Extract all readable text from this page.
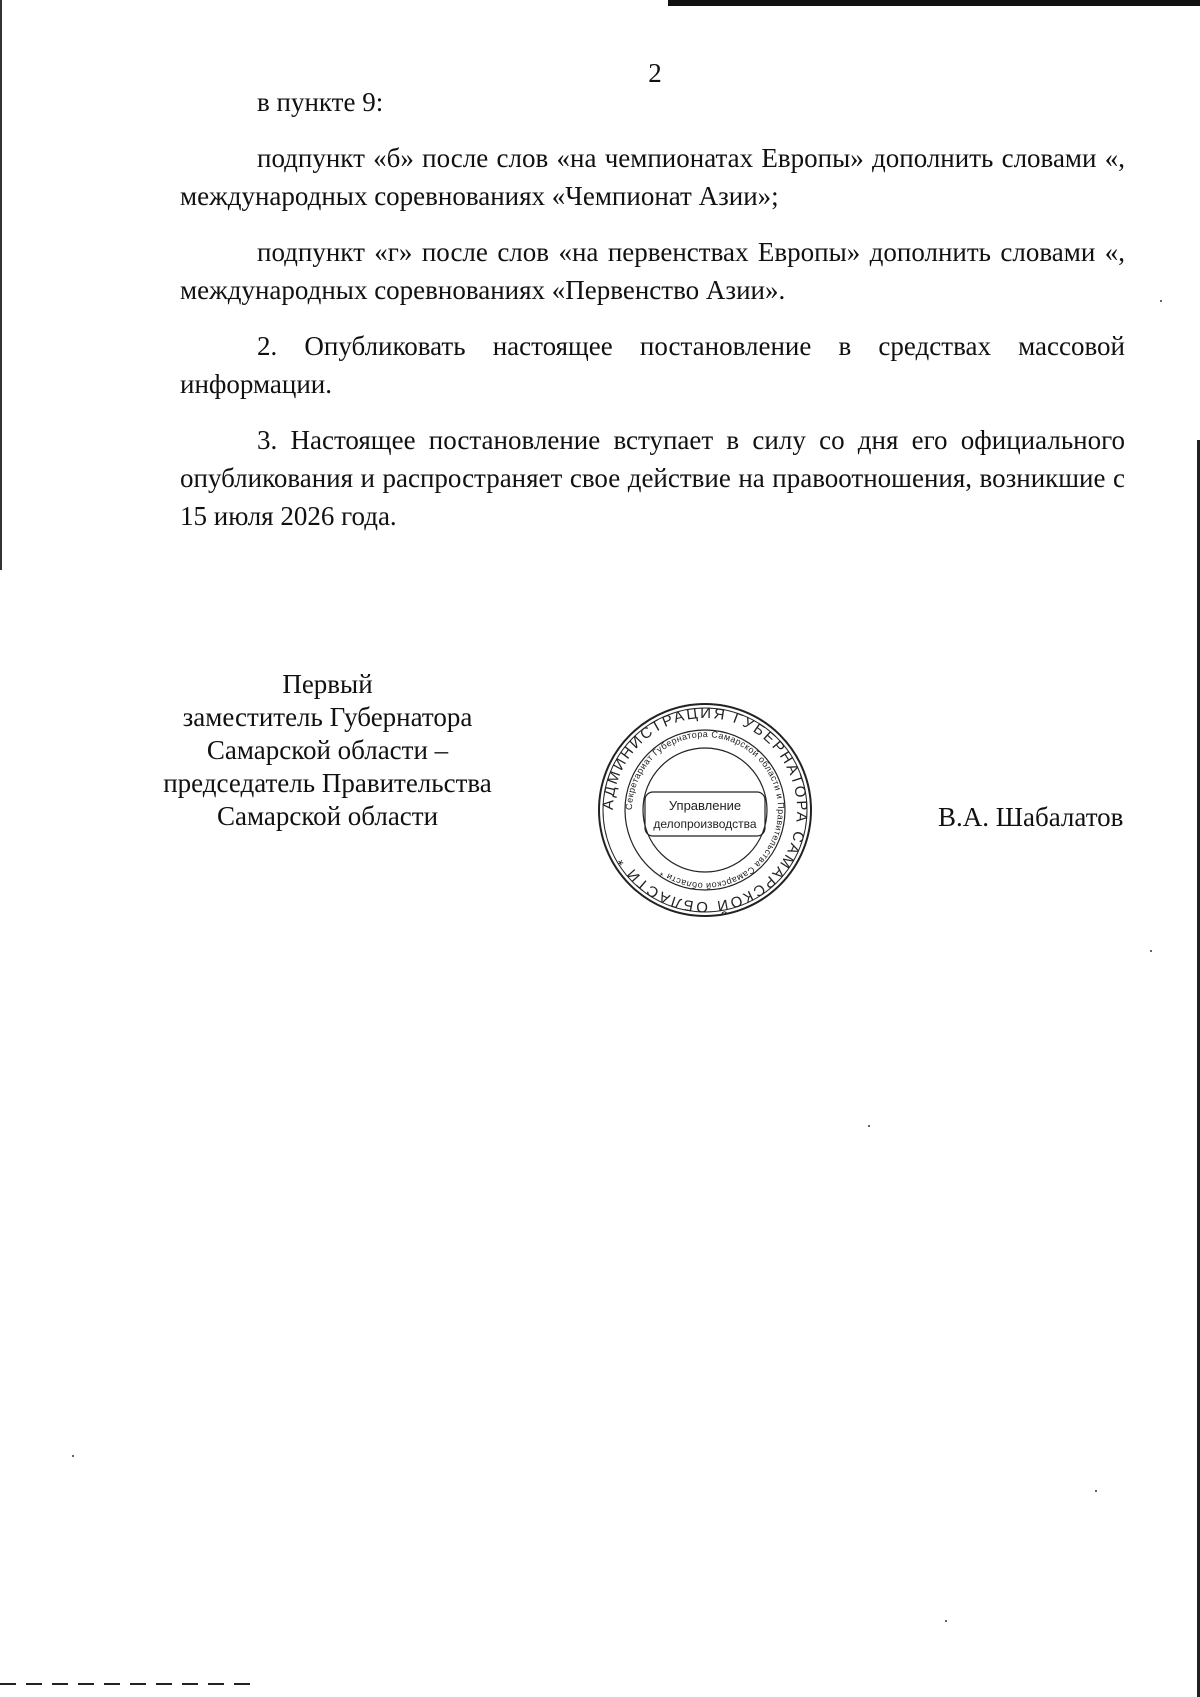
2

в пункте 9:

подпункт «б» после слов «на чемпионатах Европы» дополнить словами «, международных соревнованиях «Чемпионат Азии»;

подпункт «г» после слов «на первенствах Европы» дополнить словами «, международных соревнованиях «Первенство Азии».

2. Опубликовать настоящее постановление в средствах массовой информации.

3. Настоящее постановление вступает в силу со дня его официального опубликования и распространяет свое действие на правоотношения, возникшие с 15 июля 2026 года.

Первый
заместитель Губернатора
Самарской области –
председатель Правительства
Самарской области	АДМИНИСТРАЦИЯ ГУБЕРНАТОРА САМАРСКОЙ ОБЛАСТИ *
Секретариат Губернатора Самарской области и Правительства Самарской области *
Управление
делопроизводства	В.А. Шабалатов
